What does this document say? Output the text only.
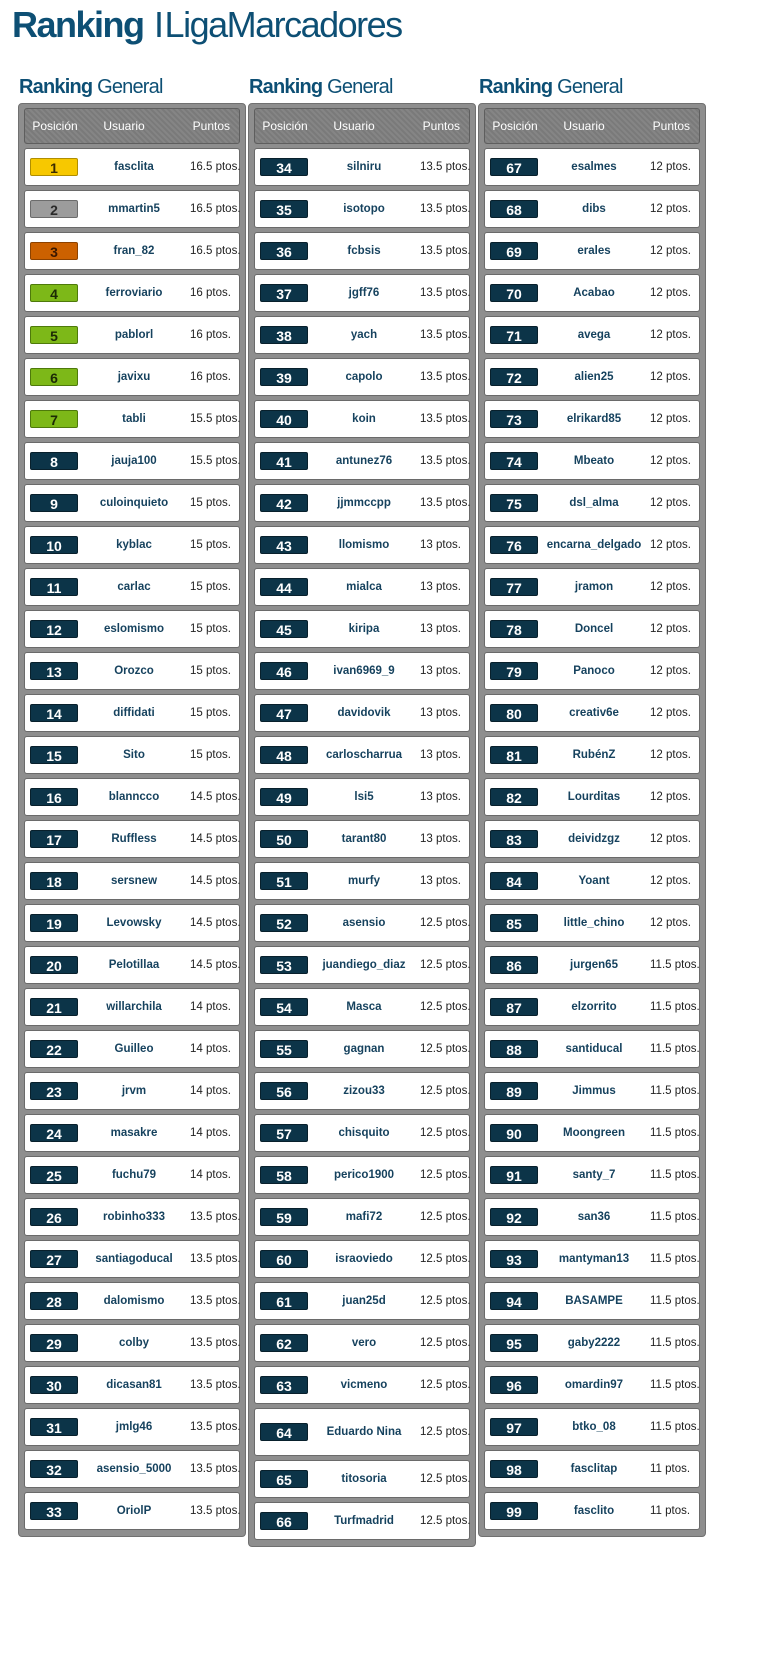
Ranking ILigaMarcadores
Ranking General
Posición	Usuario	Puntos
1	fasclita	16.5 ptos.
2	mmartin5	16.5 ptos.
3	fran_82	16.5 ptos.
4	ferroviario	16 ptos.
5	pablorl	16 ptos.
6	javixu	16 ptos.
7	tabli	15.5 ptos.
8	jauja100	15.5 ptos.
9	culoinquieto	15 ptos.
10	kyblac	15 ptos.
11	carlac	15 ptos.
12	eslomismo	15 ptos.
13	Orozco	15 ptos.
14	diffidati	15 ptos.
15	Sito	15 ptos.
16	blanncco	14.5 ptos.
17	Ruffless	14.5 ptos.
18	sersnew	14.5 ptos.
19	Levowsky	14.5 ptos.
20	Pelotillaa	14.5 ptos.
21	willarchila	14 ptos.
22	Guilleo	14 ptos.
23	jrvm	14 ptos.
24	masakre	14 ptos.
25	fuchu79	14 ptos.
26	robinho333	13.5 ptos.
27	santiagoducal	13.5 ptos.
28	dalomismo	13.5 ptos.
29	colby	13.5 ptos.
30	dicasan81	13.5 ptos.
31	jmlg46	13.5 ptos.
32	asensio_5000	13.5 ptos.
33	OriolP	13.5 ptos.
Ranking General
Posición	Usuario	Puntos
34	silniru	13.5 ptos.
35	isotopo	13.5 ptos.
36	fcbsis	13.5 ptos.
37	jgff76	13.5 ptos.
38	yach	13.5 ptos.
39	capolo	13.5 ptos.
40	koin	13.5 ptos.
41	antunez76	13.5 ptos.
42	jjmmccpp	13.5 ptos.
43	llomismo	13 ptos.
44	mialca	13 ptos.
45	kiripa	13 ptos.
46	ivan6969_9	13 ptos.
47	davidovik	13 ptos.
48	carloscharrua	13 ptos.
49	lsi5	13 ptos.
50	tarant80	13 ptos.
51	murfy	13 ptos.
52	asensio	12.5 ptos.
53	juandiego_diaz	12.5 ptos.
54	Masca	12.5 ptos.
55	gagnan	12.5 ptos.
56	zizou33	12.5 ptos.
57	chisquito	12.5 ptos.
58	perico1900	12.5 ptos.
59	mafi72	12.5 ptos.
60	israoviedo	12.5 ptos.
61	juan25d	12.5 ptos.
62	vero	12.5 ptos.
63	vicmeno	12.5 ptos.
64	Eduardo Nina	12.5 ptos.
65	titosoria	12.5 ptos.
66	Turfmadrid	12.5 ptos.
Ranking General
Posición	Usuario	Puntos
67	esalmes	12 ptos.
68	dibs	12 ptos.
69	erales	12 ptos.
70	Acabao	12 ptos.
71	avega	12 ptos.
72	alien25	12 ptos.
73	elrikard85	12 ptos.
74	Mbeato	12 ptos.
75	dsl_alma	12 ptos.
76	encarna_delgado 12 ptos.
77	jramon	12 ptos.
78	Doncel	12 ptos.
79	Panoco	12 ptos.
80	creativ6e	12 ptos.
81	RubénZ	12 ptos.
82	Lourditas	12 ptos.
83	deividzgz	12 ptos.
84	Yoant	12 ptos.
85	little_chino	12 ptos.
86	jurgen65	11.5 ptos.
87	elzorrito	11.5 ptos.
88	santiducal	11.5 ptos.
89	Jimmus	11.5 ptos.
90	Moongreen	11.5 ptos.
91	santy_7	11.5 ptos.
92	san36	11.5 ptos.
93	mantyman13	11.5 ptos.
94	BASAMPE	11.5 ptos.
95	gaby2222	11.5 ptos.
96	omardin97	11.5 ptos.
97	btko_08	11.5 ptos.
98	fasclitap	11 ptos.
99	fasclito	11 ptos.
